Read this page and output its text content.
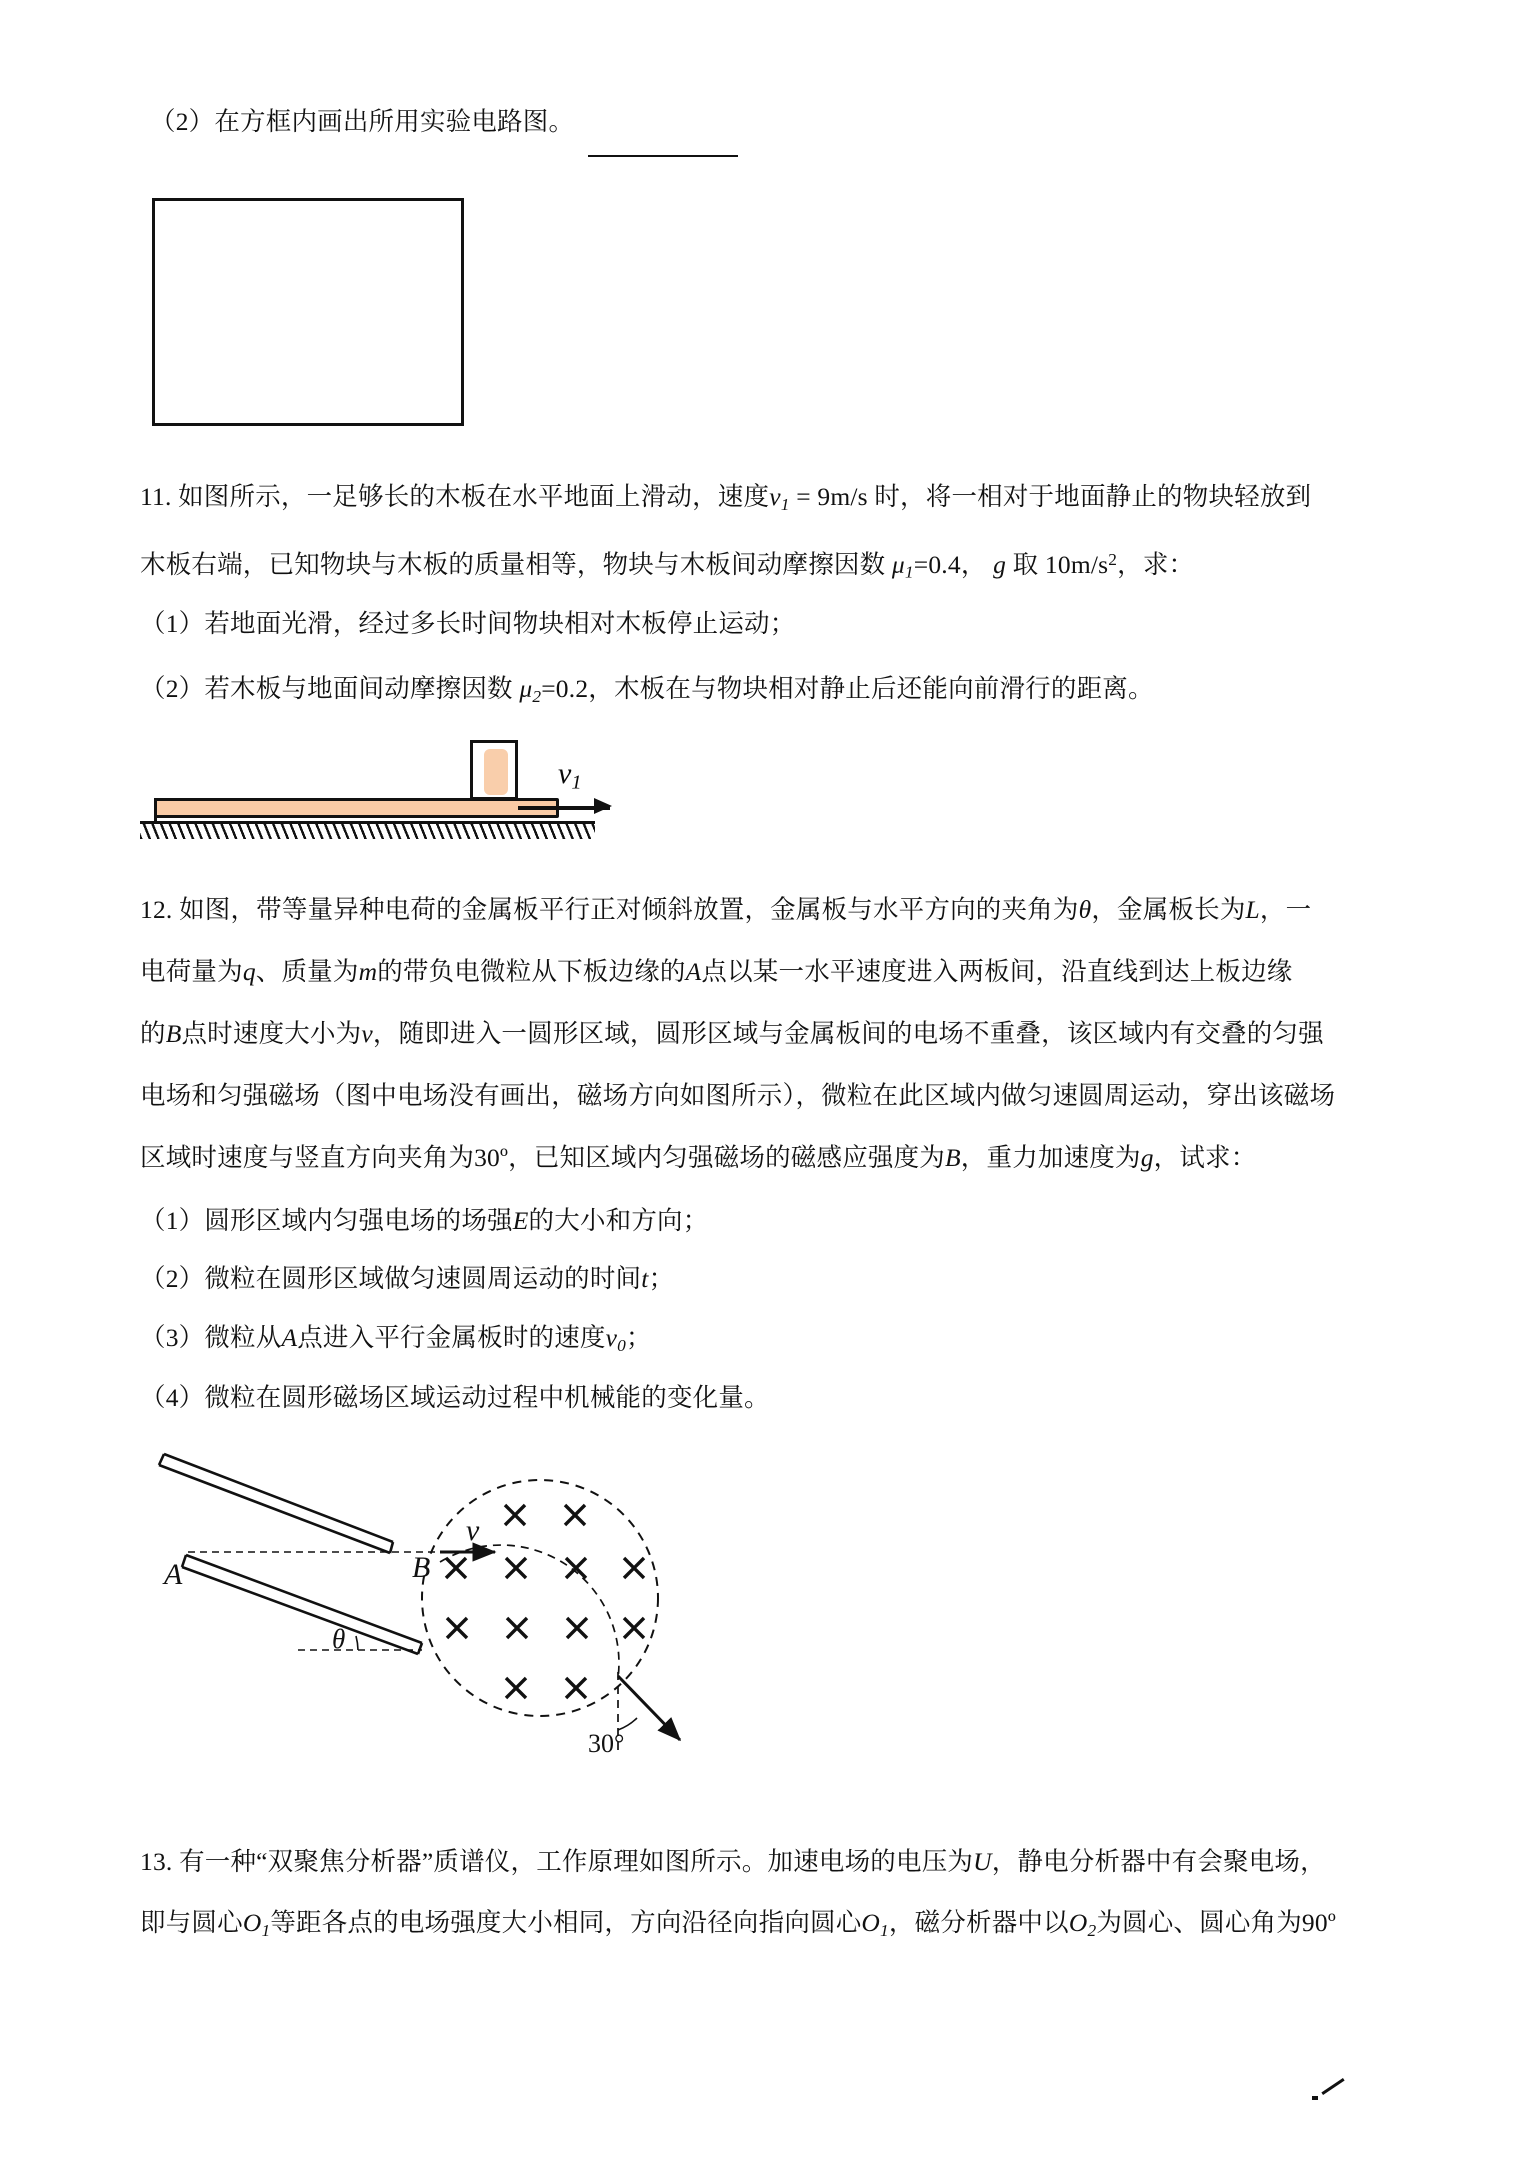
（2）在方框内画出所用实验电路图。
11. 如图所示，一足够长的木板在水平地面上滑动，速度$v_1 = 9m/s$ 时，将一相对于地面静止的物块轻放到
木板右端，已知物块与木板的质量相等，物块与木板间动摩擦因数 $\mu_1=0.4$， g 取 $10m/s^2$，求：
（1）若地面光滑，经过多长时间物块相对木板停止运动；
（2）若木板与地面间动摩擦因数 $\mu_2=0.2$，木板在与物块相对静止后还能向前滑行的距离。
$v_1$
12. 如图，带等量异种电荷的金属板平行正对倾斜放置，金属板与水平方向的夹角为θ，金属板长为L，一
电荷量为q、质量为m的带负电微粒从下板边缘的A点以某一水平速度进入两板间，沿直线到达上板边缘
的B点时速度大小为v，随即进入一圆形区域，圆形区域与金属板间的电场不重叠，该区域内有交叠的匀强
电场和匀强磁场（图中电场没有画出，磁场方向如图所示），微粒在此区域内做匀速圆周运动，穿出该磁场
区域时速度与竖直方向夹角为30º，已知区域内匀强磁场的磁感应强度为B，重力加速度为g，试求：
（1）圆形区域内匀强电场的场强E的大小和方向；
（2）微粒在圆形区域做匀速圆周运动的时间t；
（3）微粒从A点进入平行金属板时的速度$v_0$；
（4）微粒在圆形磁场区域运动过程中机械能的变化量。
A	B
v
θ
30°
13. 有一种“双聚焦分析器”质谱仪，工作原理如图所示。加速电场的电压为U，静电分析器中有会聚电场，
即与圆心$O_1$等距各点的电场强度大小相同，方向沿径向指向圆心$O_1$，磁分析器中以$O_2$为圆心、圆心角为90º
